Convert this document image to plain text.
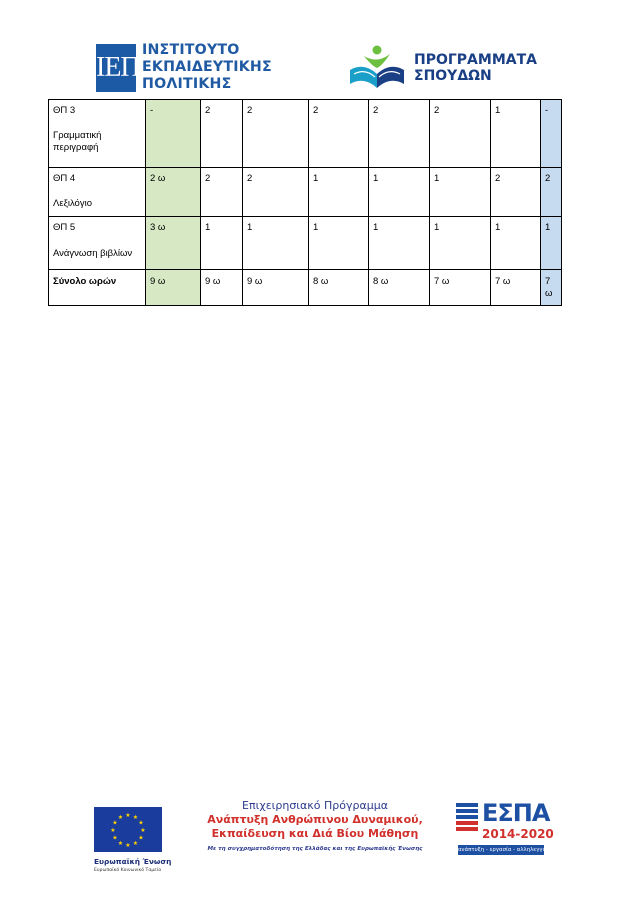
ΙΕΠ
ΙΝΣΤΙΤΟΥΤΟ
ΕΚΠΑΙΔΕΥΤΙΚΗΣ
ΠΟΛΙΤΙΚΗΣ
ΠΡΟΓΡΑΜΜΑΤΑ
ΣΠΟΥΔΩΝ
ΘΠ 3
Γραμματική περιγραφή	-	2	2	2	2	2	1	-

ΘΠ 4
Λεξιλόγιο	2 ω	2	2	1	1	1	2	2

ΘΠ 5
Ανάγνωση βιβλίων	3 ω	1	1	1	1	1	1	1
Σύνολο ωρών	9 ω	9 ω	9 ω	8 ω	8 ω	7 ω	7 ω	7 ω
★ ★
★
★
★
★
★
★
★
★
★
★
Ευρωπαϊκή Ένωση
Ευρωπαϊκό Κοινωνικό Ταμείο
Επιχειρησιακό Πρόγραμμα
Ανάπτυξη Ανθρώπινου Δυναμικού,
Εκπαίδευση και Διά Βίου Μάθηση
Με τη συγχρηματοδότηση της Ελλάδας και της Ευρωπαϊκής Ένωσης
ΕΣΠΑ
2014-2020
ανάπτυξη - εργασία - αλληλεγγύη
